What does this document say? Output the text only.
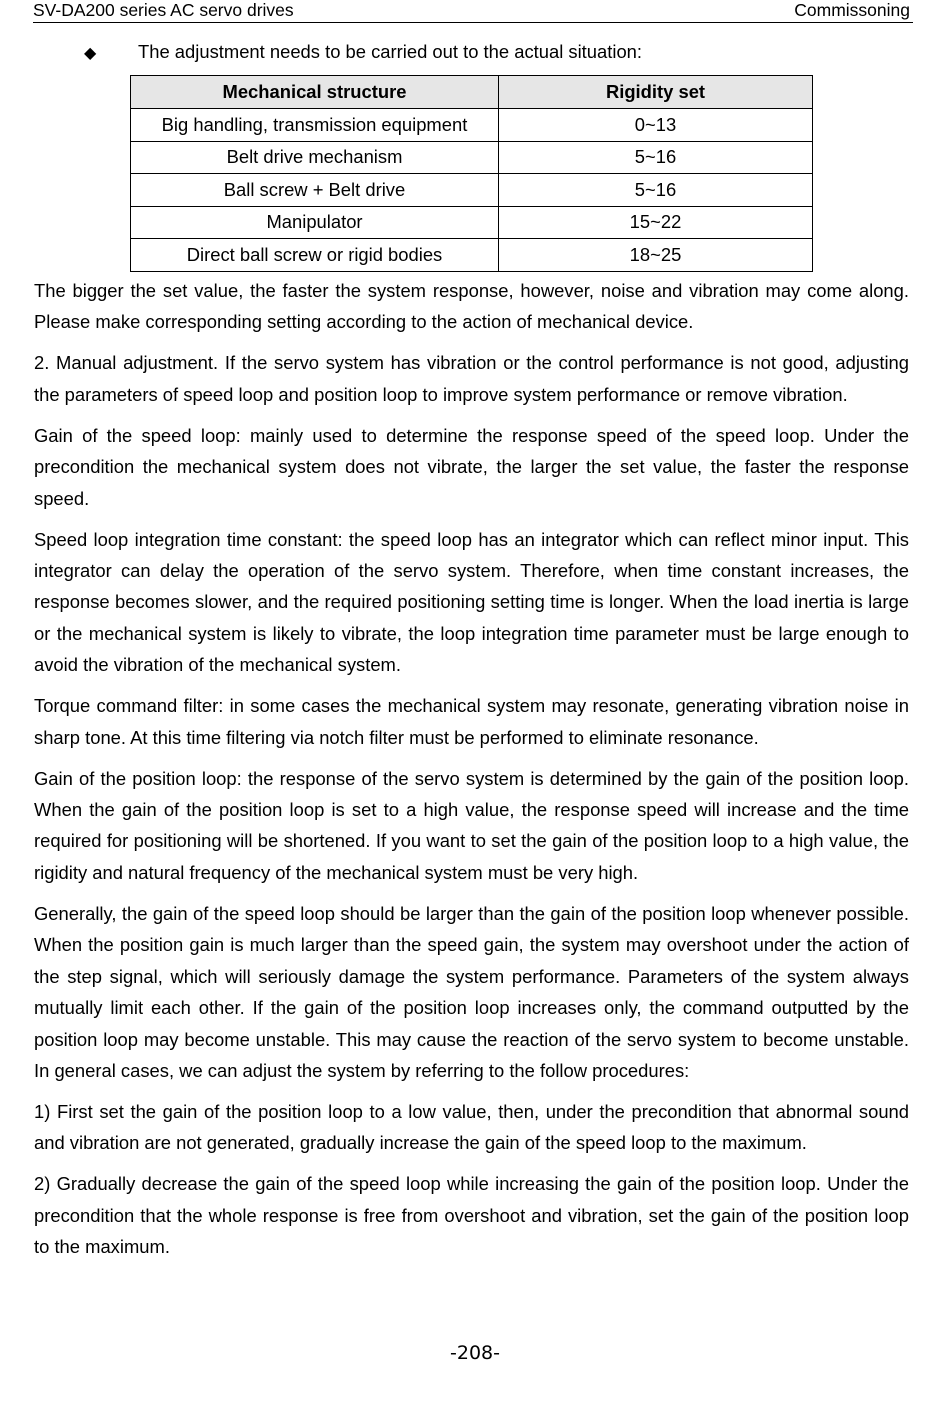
SV-DA200 series AC servo drives	Commissoning
◆ The adjustment needs to be carried out to the actual situation:
Mechanical structure	Rigidity set
Big handling, transmission equipment	0~13
Belt drive mechanism	5~16
Ball screw + Belt drive	5~16
Manipulator	15~22
Direct ball screw or rigid bodies	18~25

The bigger the set value, the faster the system response, however, noise and vibration may come along. Please make corresponding setting according to the action of mechanical device.

2. Manual adjustment. If the servo system has vibration or the control performance is not good, adjusting the parameters of speed loop and position loop to improve system performance or remove vibration.

Gain of the speed loop: mainly used to determine the response speed of the speed loop. Under the precondition the mechanical system does not vibrate, the larger the set value, the faster the response speed.

Speed loop integration time constant: the speed loop has an integrator which can reflect minor input. This integrator can delay the operation of the servo system. Therefore, when time constant increases, the response becomes slower, and the required positioning setting time is longer. When the load inertia is large or the mechanical system is likely to vibrate, the loop integration time parameter must be large enough to avoid the vibration of the mechanical system.

Torque command filter: in some cases the mechanical system may resonate, generating vibration noise in sharp tone. At this time filtering via notch filter must be performed to eliminate resonance.

Gain of the position loop: the response of the servo system is determined by the gain of the position loop. When the gain of the position loop is set to a high value, the response speed will increase and the time required for positioning will be shortened. If you want to set the gain of the position loop to a high value, the rigidity and natural frequency of the mechanical system must be very high.

Generally, the gain of the speed loop should be larger than the gain of the position loop whenever possible. When the position gain is much larger than the speed gain, the system may overshoot under the action of the step signal, which will seriously damage the system performance. Parameters of the system always mutually limit each other. If the gain of the position loop increases only, the command outputted by the position loop may become unstable. This may cause the reaction of the servo system to become unstable. In general cases, we can adjust the system by referring to the follow procedures:

1) First set the gain of the position loop to a low value, then, under the precondition that abnormal sound and vibration are not generated, gradually increase the gain of the speed loop to the maximum.

2) Gradually decrease the gain of the speed loop while increasing the gain of the position loop. Under the precondition that the whole response is free from overshoot and vibration, set the gain of the position loop to the maximum.

-208-
